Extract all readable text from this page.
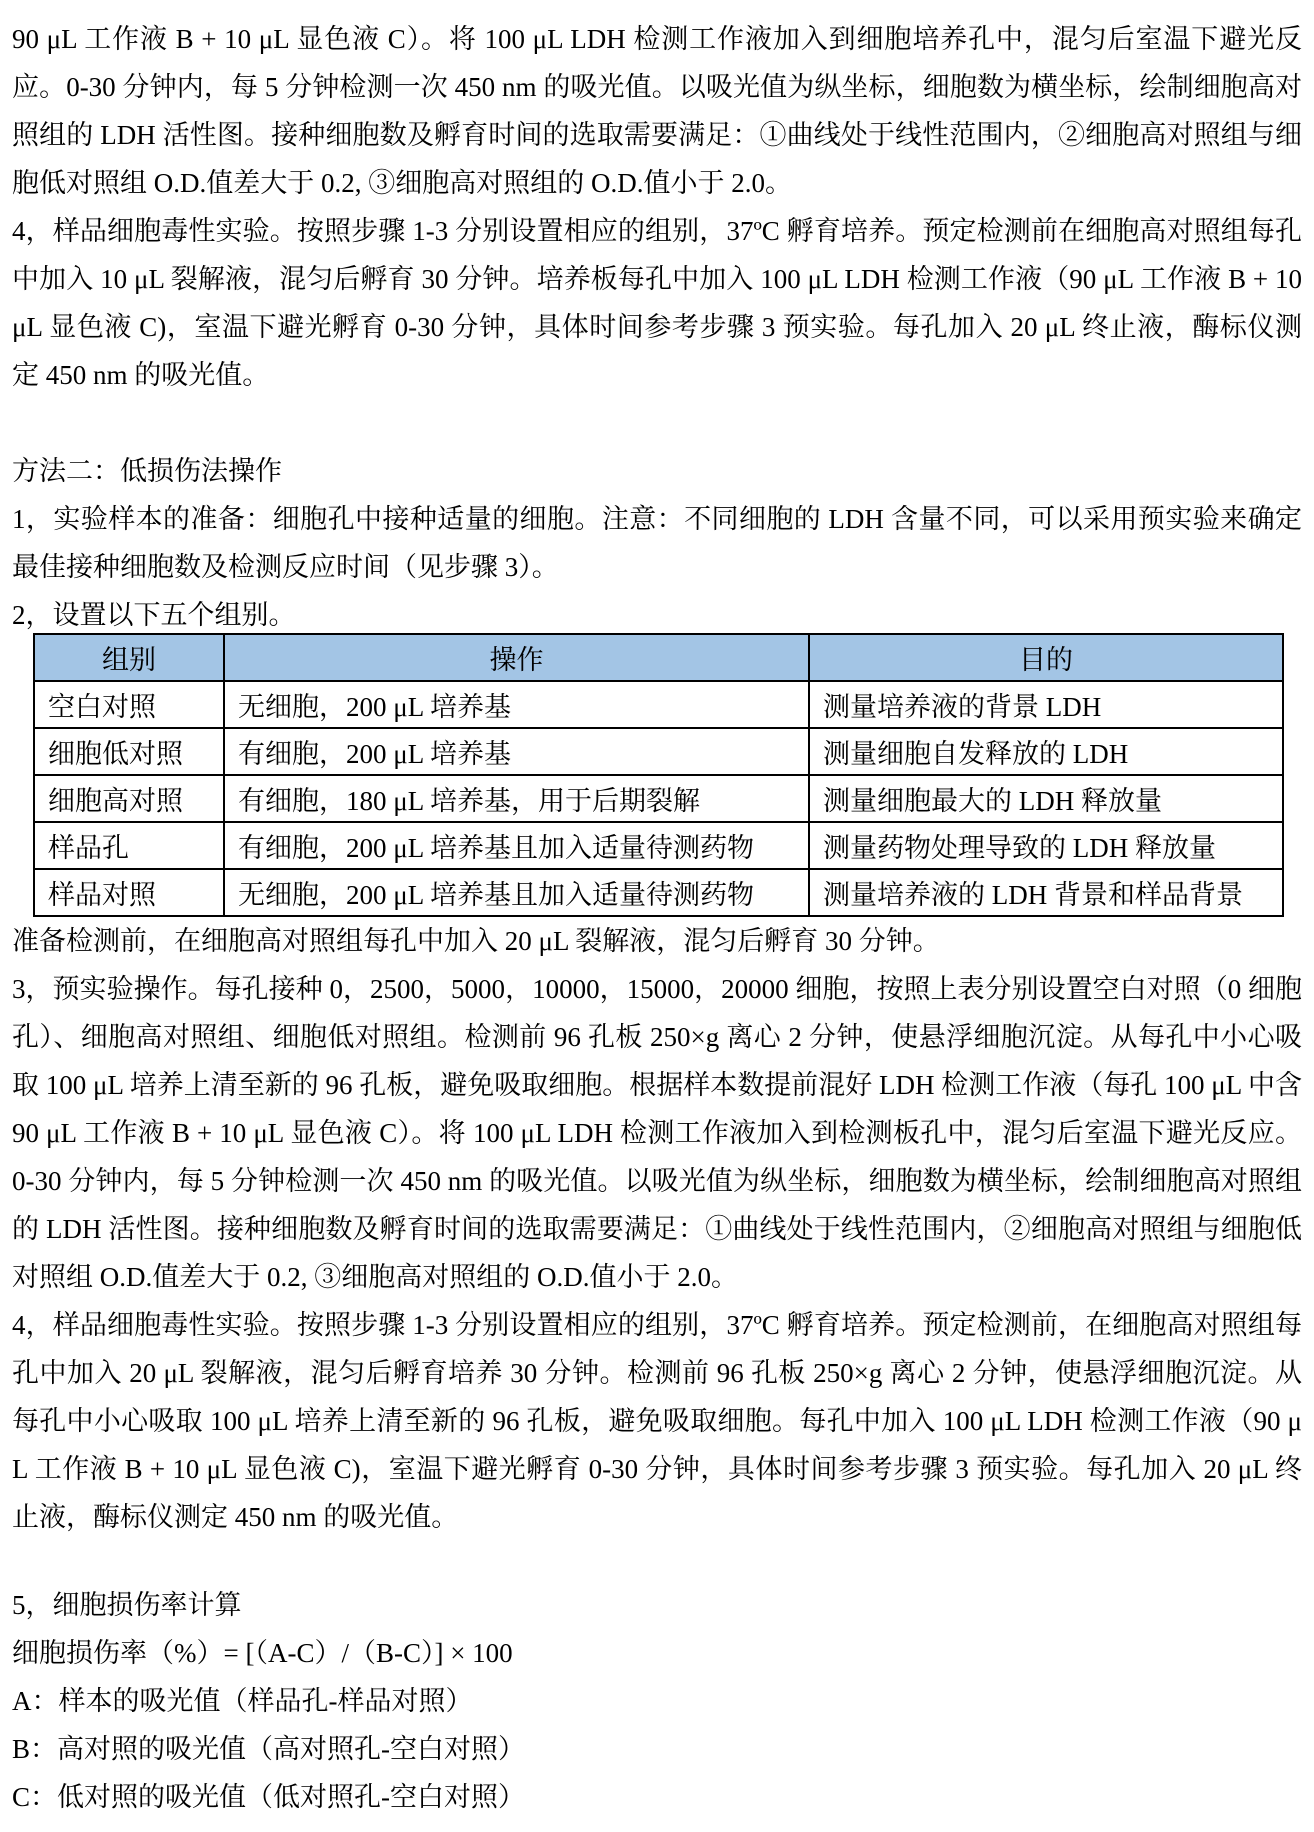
90 μL 工作液 B + 10 μL 显色液 C）。将 100 μL LDH 检测工作液加入到细胞培养孔中，混匀后室温下避光反应。0-30 分钟内，每 5 分钟检测一次 450 nm 的吸光值。以吸光值为纵坐标，细胞数为横坐标，绘制细胞高对照组的 LDH 活性图。接种细胞数及孵育时间的选取需要满足：①曲线处于线性范围内，②细胞高对照组与细胞低对照组 O.D.值差大于 0.2, ③细胞高对照组的 O.D.值小于 2.0。

4，样品细胞毒性实验。按照步骤 1-3 分别设置相应的组别，37ºC 孵育培养。预定检测前在细胞高对照组每孔中加入 10 μL 裂解液，混匀后孵育 30 分钟。培养板每孔中加入 100 μL LDH 检测工作液（90 μL 工作液 B + 10 μL 显色液 C)，室温下避光孵育 0-30 分钟，具体时间参考步骤 3 预实验。每孔加入 20 μL 终止液，酶标仪测定 450 nm 的吸光值。

方法二：低损伤法操作

1，实验样本的准备：细胞孔中接种适量的细胞。注意：不同细胞的 LDH 含量不同，可以采用预实验来确定最佳接种细胞数及检测反应时间（见步骤 3）。

2，设置以下五个组别。

组别	操作	目的
空白对照	无细胞，200 μL 培养基	测量培养液的背景 LDH
细胞低对照	有细胞，200 μL 培养基	测量细胞自发释放的 LDH
细胞高对照	有细胞，180 μL 培养基，用于后期裂解	测量细胞最大的 LDH 释放量
样品孔	有细胞，200 μL 培养基且加入适量待测药物	测量药物处理导致的 LDH 释放量
样品对照	无细胞，200 μL 培养基且加入适量待测药物	测量培养液的 LDH 背景和样品背景

准备检测前，在细胞高对照组每孔中加入 20 μL 裂解液，混匀后孵育 30 分钟。

3，预实验操作。每孔接种 0，2500，5000，10000，15000，20000 细胞，按照上表分别设置空白对照（0 细胞孔）、细胞高对照组、细胞低对照组。检测前 96 孔板 250×g 离心 2 分钟，使悬浮细胞沉淀。从每孔中小心吸取 100 μL 培养上清至新的 96 孔板，避免吸取细胞。根据样本数提前混好 LDH 检测工作液（每孔 100 μL 中含 90 μL 工作液 B + 10 μL 显色液 C）。将 100 μL LDH 检测工作液加入到检测板孔中，混匀后室温下避光反应。0-30 分钟内，每 5 分钟检测一次 450 nm 的吸光值。以吸光值为纵坐标，细胞数为横坐标，绘制细胞高对照组的 LDH 活性图。接种细胞数及孵育时间的选取需要满足：①曲线处于线性范围内，②细胞高对照组与细胞低对照组 O.D.值差大于 0.2, ③细胞高对照组的 O.D.值小于 2.0。

4，样品细胞毒性实验。按照步骤 1-3 分别设置相应的组别，37ºC 孵育培养。预定检测前，在细胞高对照组每孔中加入 20 μL 裂解液，混匀后孵育培养 30 分钟。检测前 96 孔板 250×g 离心 2 分钟，使悬浮细胞沉淀。从每孔中小心吸取 100 μL 培养上清至新的 96 孔板，避免吸取细胞。每孔中加入 100 μL LDH 检测工作液（90 μL 工作液 B + 10 μL 显色液 C)，室温下避光孵育 0-30 分钟，具体时间参考步骤 3 预实验。每孔加入 20 μL 终止液，酶标仪测定 450 nm 的吸光值。

5，细胞损伤率计算

细胞损伤率（%）= [（A-C）/（B-C）] × 100

A：样本的吸光值（样品孔-样品对照）

B：高对照的吸光值（高对照孔-空白对照）

C：低对照的吸光值（低对照孔-空白对照）
